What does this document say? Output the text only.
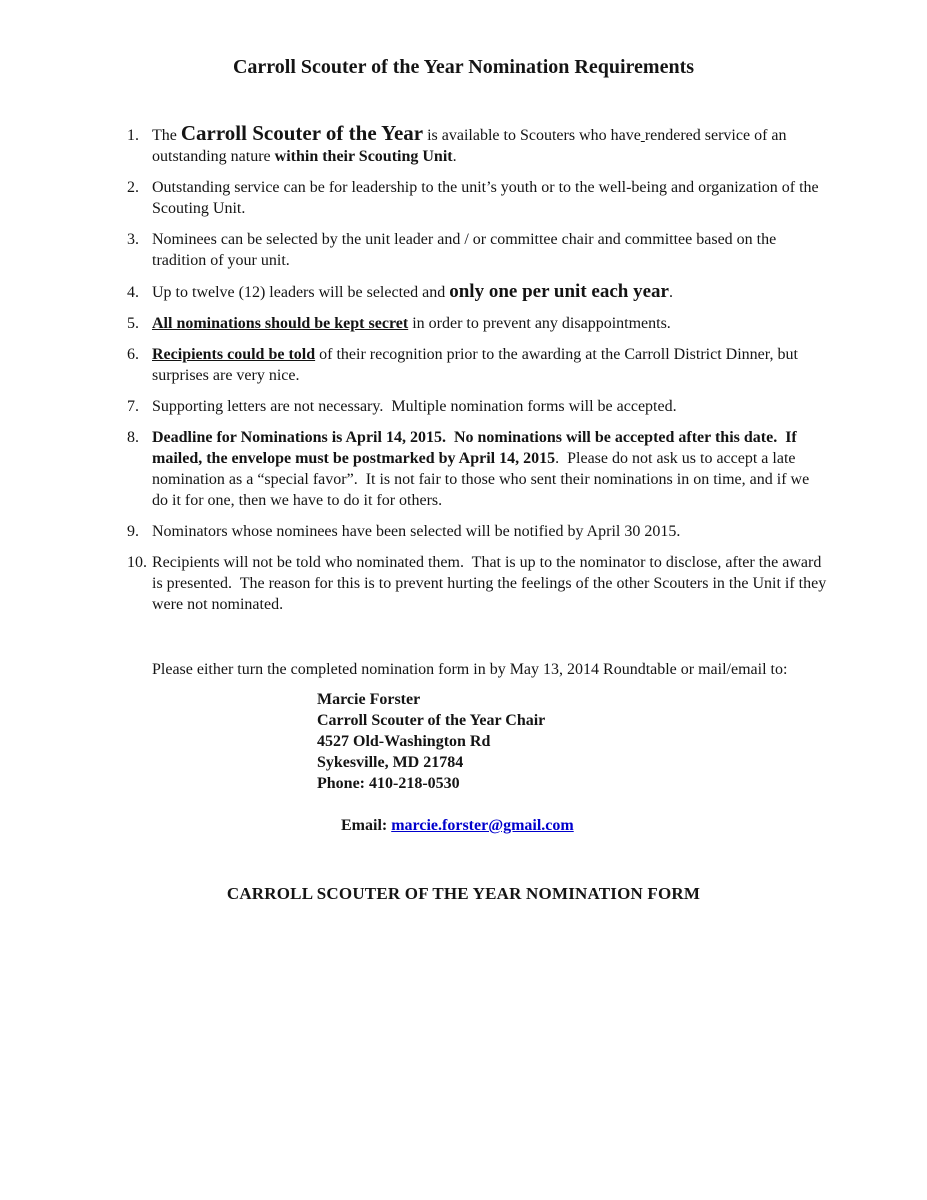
Carroll Scouter of the Year Nomination Requirements
1. The Carroll Scouter of the Year is available to Scouters who have rendered service of an outstanding nature within their Scouting Unit.
2. Outstanding service can be for leadership to the unit’s youth or to the well-being and organization of the Scouting Unit.
3. Nominees can be selected by the unit leader and / or committee chair and committee based on the tradition of your unit.
4. Up to twelve (12) leaders will be selected and only one per unit each year.
5. All nominations should be kept secret in order to prevent any disappointments.
6. Recipients could be told of their recognition prior to the awarding at the Carroll District Dinner, but surprises are very nice.
7. Supporting letters are not necessary.  Multiple nomination forms will be accepted.
8. Deadline for Nominations is April 14, 2015.  No nominations will be accepted after this date.  If mailed, the envelope must be postmarked by April 14, 2015.  Please do not ask us to accept a late nomination as a “special favor”.  It is not fair to those who sent their nominations in on time, and if we do it for one, then we have to do it for others.
9. Nominators whose nominees have been selected will be notified by April 30 2015.
10. Recipients will not be told who nominated them.  That is up to the nominator to disclose, after the award is presented.  The reason for this is to prevent hurting the feelings of the other Scouters in the Unit if they were not nominated.
Please either turn the completed nomination form in by May 13, 2014 Roundtable or mail/email to:
Marcie Forster
Carroll Scouter of the Year Chair
4527 Old-Washington Rd
Sykesville, MD 21784
Phone: 410-218-0530

Email: marcie.forster@gmail.com

CARROLL SCOUTER OF THE YEAR NOMINATION FORM
